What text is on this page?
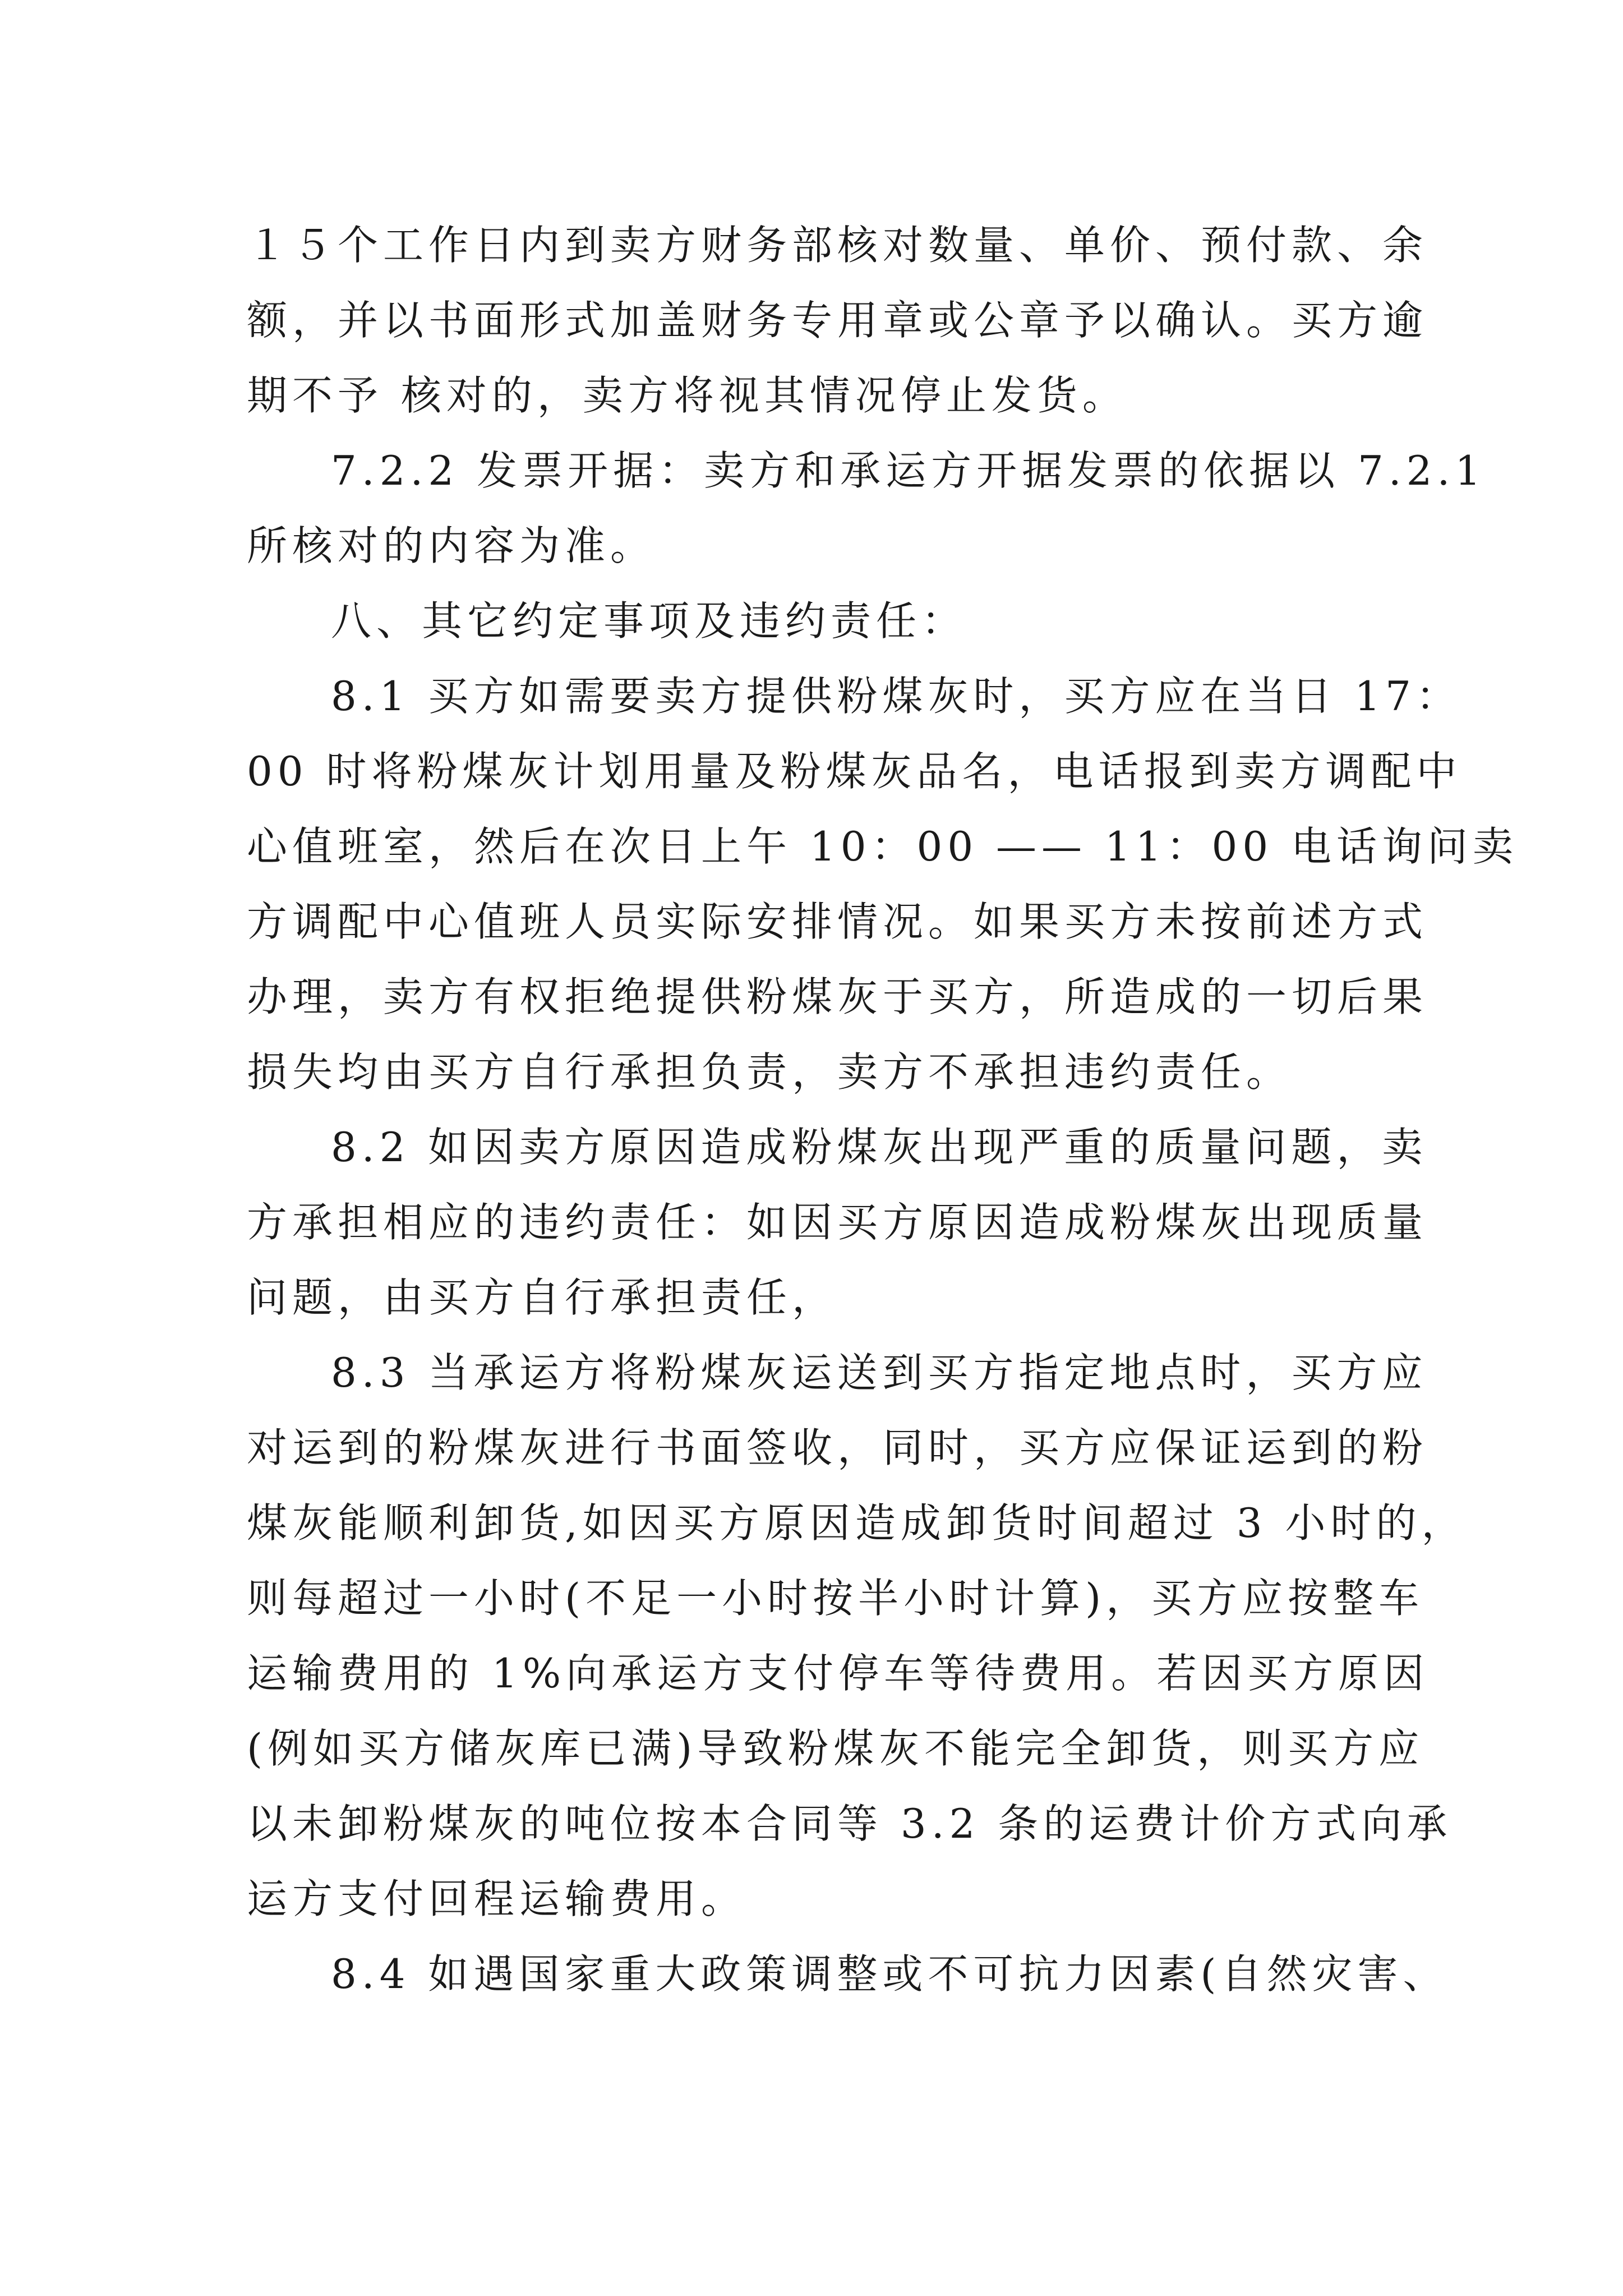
１５个工作日内到卖方财务部核对数量、单价、预付款、余
额，并以书面形式加盖财务专用章或公章予以确认。买方逾
期不予 核对的，卖方将视其情况停止发货。
7.2.2 发票开据：卖方和承运方开据发票的依据以 7.2.1
所核对的内容为准。
八、其它约定事项及违约责任：
8.1 买方如需要卖方提供粉煤灰时，买方应在当日 17：
00 时将粉煤灰计划用量及粉煤灰品名，电话报到卖方调配中
心值班室，然后在次日上午 10：00 —— 11：00 电话询问卖
方调配中心值班人员实际安排情况。如果买方未按前述方式
办理，卖方有权拒绝提供粉煤灰于买方，所造成的一切后果
损失均由买方自行承担负责，卖方不承担违约责任。
8.2 如因卖方原因造成粉煤灰出现严重的质量问题，卖
方承担相应的违约责任：如因买方原因造成粉煤灰出现质量
问题，由买方自行承担责任，
8.3 当承运方将粉煤灰运送到买方指定地点时，买方应
对运到的粉煤灰进行书面签收，同时，买方应保证运到的粉
煤灰能顺利卸货,如因买方原因造成卸货时间超过 3 小时的，
则每超过一小时(不足一小时按半小时计算)，买方应按整车
运输费用的 1%向承运方支付停车等待费用。若因买方原因
(例如买方储灰库已满)导致粉煤灰不能完全卸货，则买方应
以未卸粉煤灰的吨位按本合同等 3.2 条的运费计价方式向承
运方支付回程运输费用。
8.4 如遇国家重大政策调整或不可抗力因素(自然灾害、
